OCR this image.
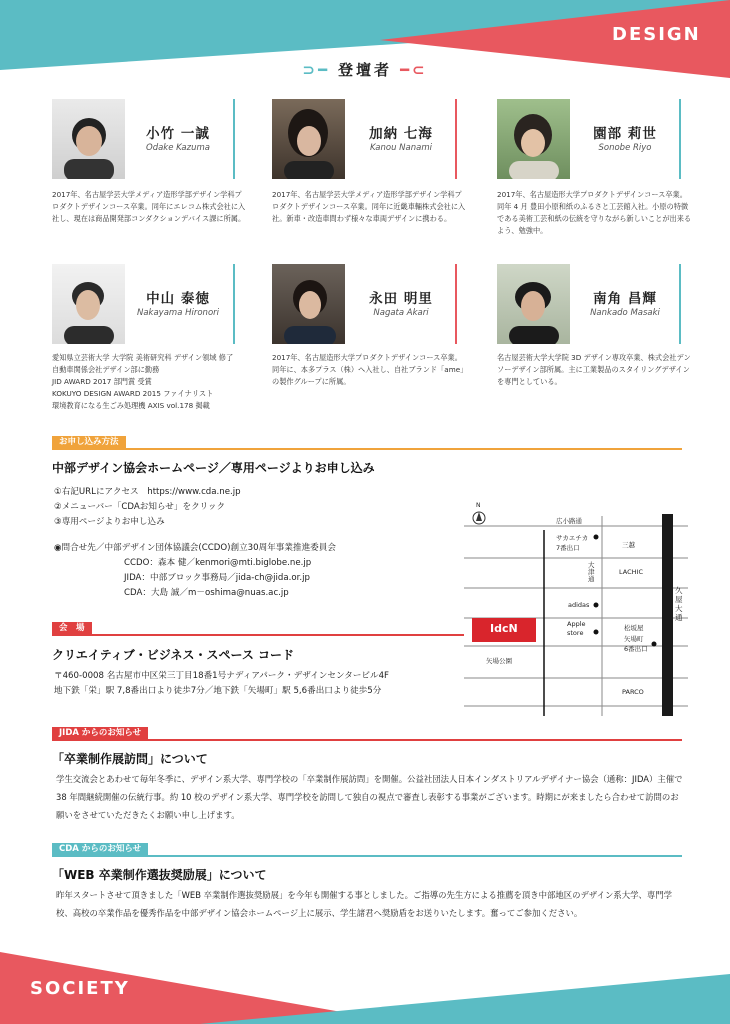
DESIGN
⊃━ 登壇者 ━⊂
小竹 一誠
Odake Kazuma
2017年、名古屋学芸大学メディア造形学部デザイン学科プロダクトデザインコース卒業。同年にエレコム株式会社に入社し、現在は商品開発部コンダクションデバイス課に所属。
加納 七海
Kanou Nanami
2017年、名古屋学芸大学メディア造形学部デザイン学科プロダクトデザインコース卒業。同年に近畿車輛株式会社に入社。新車・改造車問わず様々な車両デザインに携わる。
園部 莉世
Sonobe Riyo
2017年、名古屋造形大学プロダクトデザインコース卒業。同年 4 月 豊田小原和紙のふるさと工芸館入社。小原の特徴である美術工芸和紙の伝統を守りながら新しいことが出来るよう、勉強中。
中山 泰徳
Nakayama Hironori
愛知県立芸術大学 大学院 美術研究科 デザイン領域 修了
自動車関係会社デザイン部に勤務
JID AWARD 2017 部門賞 受賞
KOKUYO DESIGN AWARD 2015 ファイナリスト
環境教育になる生ごみ処理機 AXIS vol.178 掲載
永田 明里
Nagata Akari
2017年、名古屋造形大学プロダクトデザインコース卒業。同年に、本多プラス（株）へ入社し、自社ブランド「ame」の製作グループに所属。
南角 昌輝
Nankado Masaki
名古屋芸術大学大学院 3D デザイン専攻卒業、株式会社デンソーデザイン部所属。主に工業製品のスタイリングデザインを専門としている。
お申し込み方法
中部デザイン協会ホームページ／専用ページよりお申し込み
①右記URLにアクセス　https://www.cda.ne.jp
②メニューバー「CDAお知らせ」をクリック
③専用ページよりお申し込み
◉問合せ先／中部デザイン団体協議会(CCDO)創立30周年事業推進委員会
CCDO：森本 健／kenmori@mti.biglobe.ne.jp
JIDA：中部ブロック事務局／jida-ch@jida.or.jp
CDA：大島 誠／m－oshima@nuas.ac.jp
会　場
クリエイティブ・ビジネス・スペース コード
〒460-0008 名古屋市中区栄三丁目18番1号ナディアパーク・デザインセンタービル4F
地下鉄「栄」駅 7,8番出口より徒歩7分／地下鉄「矢場町」駅 5,6番出口より徒歩5分
N
広小路通
サカエチカ
7番出口	三越
大津通
LACHIC
adidas
Apple store
松坂屋
矢場町
6番出口
久屋大通
矢場公園
PARCO
IdcN
JIDA からのお知らせ
「卒業制作展訪問」について
学生交流会とあわせて毎年冬季に、デザイン系大学、専門学校の「卒業制作展訪問」を開催。公益社団法人日本インダストリアルデザイナー協会（通称：JIDA）主催で 38 年間継続開催の伝統行事。約 10 校のデザイン系大学、専門学校を訪問して独自の視点で審査し表彰する事業がございます。時期にが来ましたら合わせて訪問のお願いをさせていただきたくお願い申し上げます。
CDA からのお知らせ
「WEB 卒業制作選抜奨励展」について
昨年スタートさせて頂きました「WEB 卒業制作選抜奨励展」を今年も開催する事としました。ご指導の先生方による推薦を頂き中部地区のデザイン系大学、専門学校、高校の卒業作品を優秀作品を中部デザイン協会ホームページ上に展示、学生諸君へ奨励盾をお送りいたします。奮ってご参加ください。
SOCIETY
